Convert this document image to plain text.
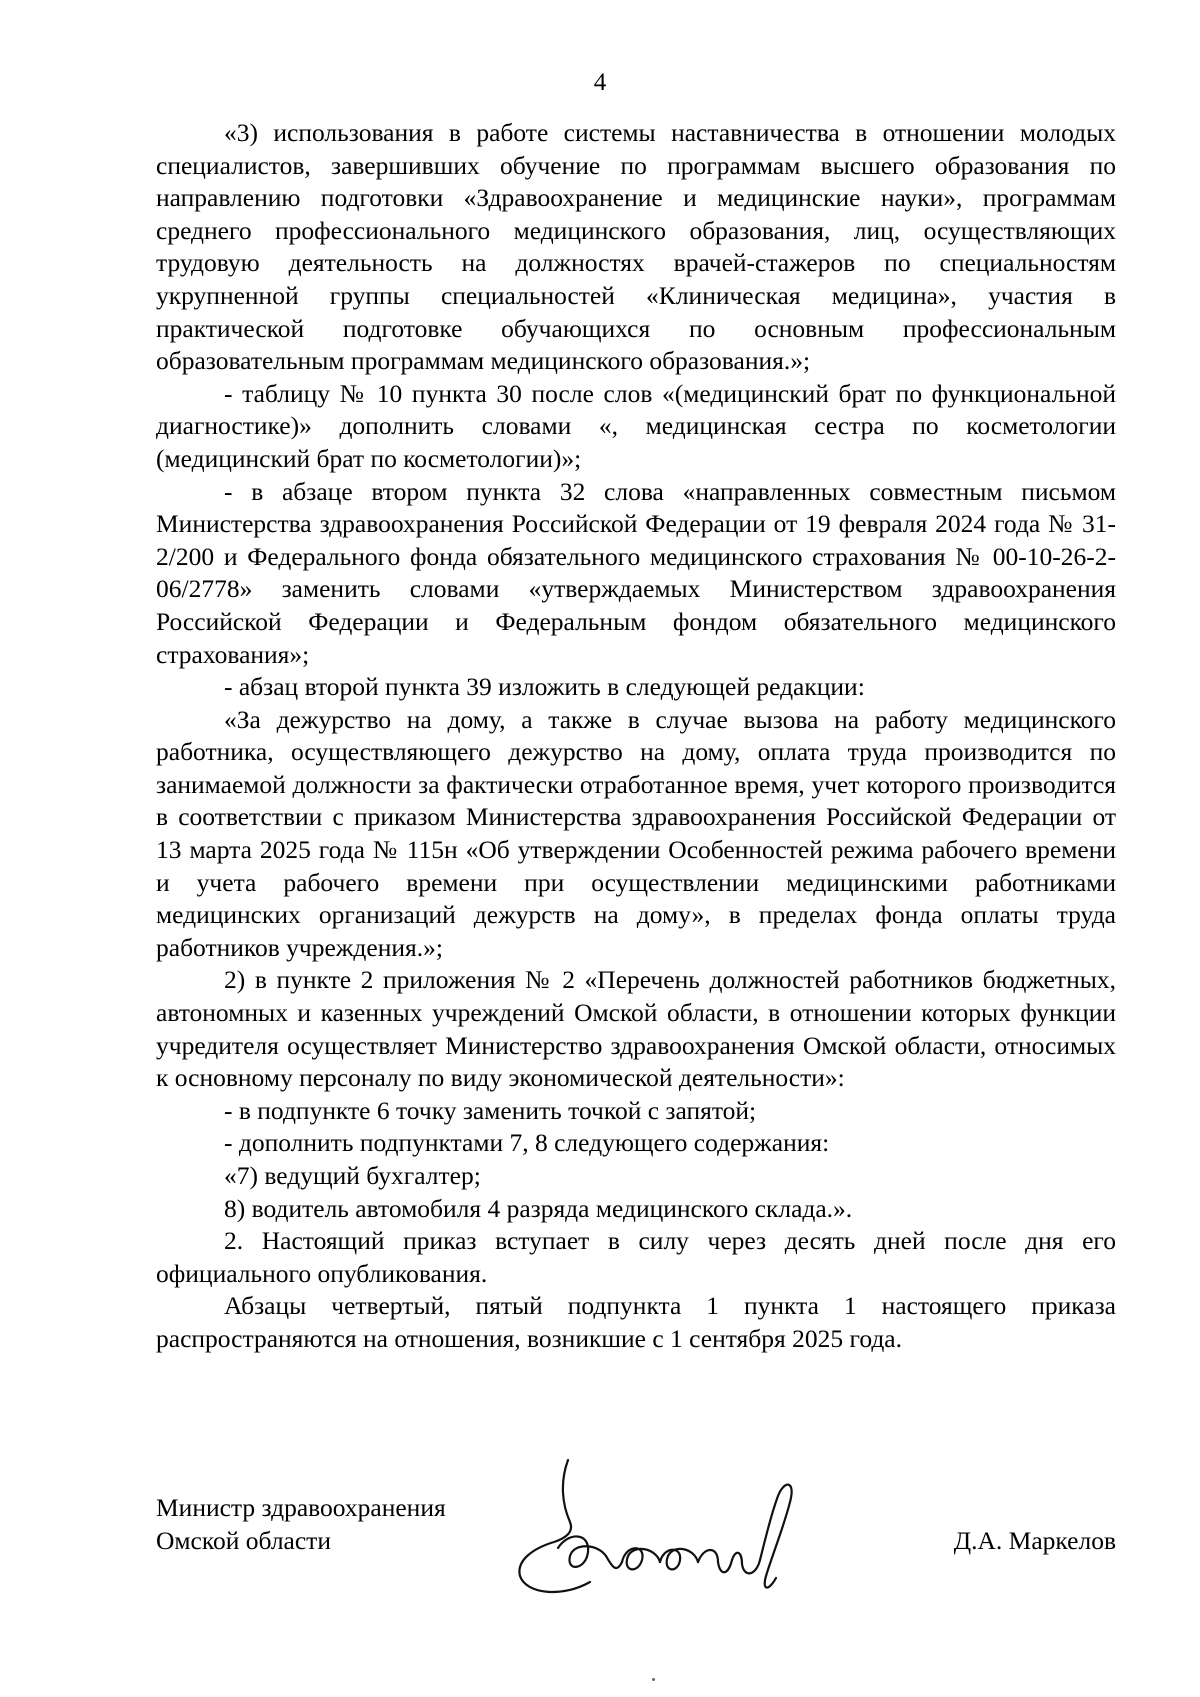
4

«3) использования в работе системы наставничества в отношении молодых специалистов, завершивших обучение по программам высшего образования по направлению подготовки «Здравоохранение и медицинские науки», программам среднего профессионального медицинского образования, лиц, осуществляющих трудовую деятельность на должностях врачей-стажеров по специальностям укрупненной группы специальностей «Клиническая медицина», участия в практической подготовке обучающихся по основным профессиональным образовательным программам медицинского образования.»;

- таблицу № 10 пункта 30 после слов «(медицинский брат по функциональной диагностике)» дополнить словами «, медицинская сестра по косметологии (медицинский брат по косметологии)»;

- в абзаце втором пункта 32 слова «направленных совместным письмом Министерства здравоохранения Российской Федерации от 19 февраля 2024 года № 31-2/200 и Федерального фонда обязательного медицинского страхования № 00-10-26-2-06/2778» заменить словами «утверждаемых Министерством здравоохранения Российской Федерации и Федеральным фондом обязательного медицинского страхования»;

- абзац второй пункта 39 изложить в следующей редакции:

«За дежурство на дому, а также в случае вызова на работу медицинского работника, осуществляющего дежурство на дому, оплата труда производится по занимаемой должности за фактически отработанное время, учет которого производится в соответствии с приказом Министерства здравоохранения Российской Федерации от 13 марта 2025 года № 115н «Об утверждении Особенностей режима рабочего времени и учета рабочего времени при осуществлении медицинскими работниками медицинских организаций дежурств на дому», в пределах фонда оплаты труда работников учреждения.»;

2) в пункте 2 приложения № 2 «Перечень должностей работников бюджетных, автономных и казенных учреждений Омской области, в отношении которых функции учредителя осуществляет Министерство здравоохранения Омской области, относимых к основному персоналу по виду экономической деятельности»:

- в подпункте 6 точку заменить точкой с запятой;

- дополнить подпунктами 7, 8 следующего содержания:

«7) ведущий бухгалтер;

8) водитель автомобиля 4 разряда медицинского склада.».

2. Настоящий приказ вступает в силу через десять дней после дня его официального опубликования.

Абзацы четвертый, пятый подпункта 1 пункта 1 настоящего приказа распространяются на отношения, возникшие с 1 сентября 2025 года.

Министр здравоохранения
Омской области	Д.А. Маркелов
